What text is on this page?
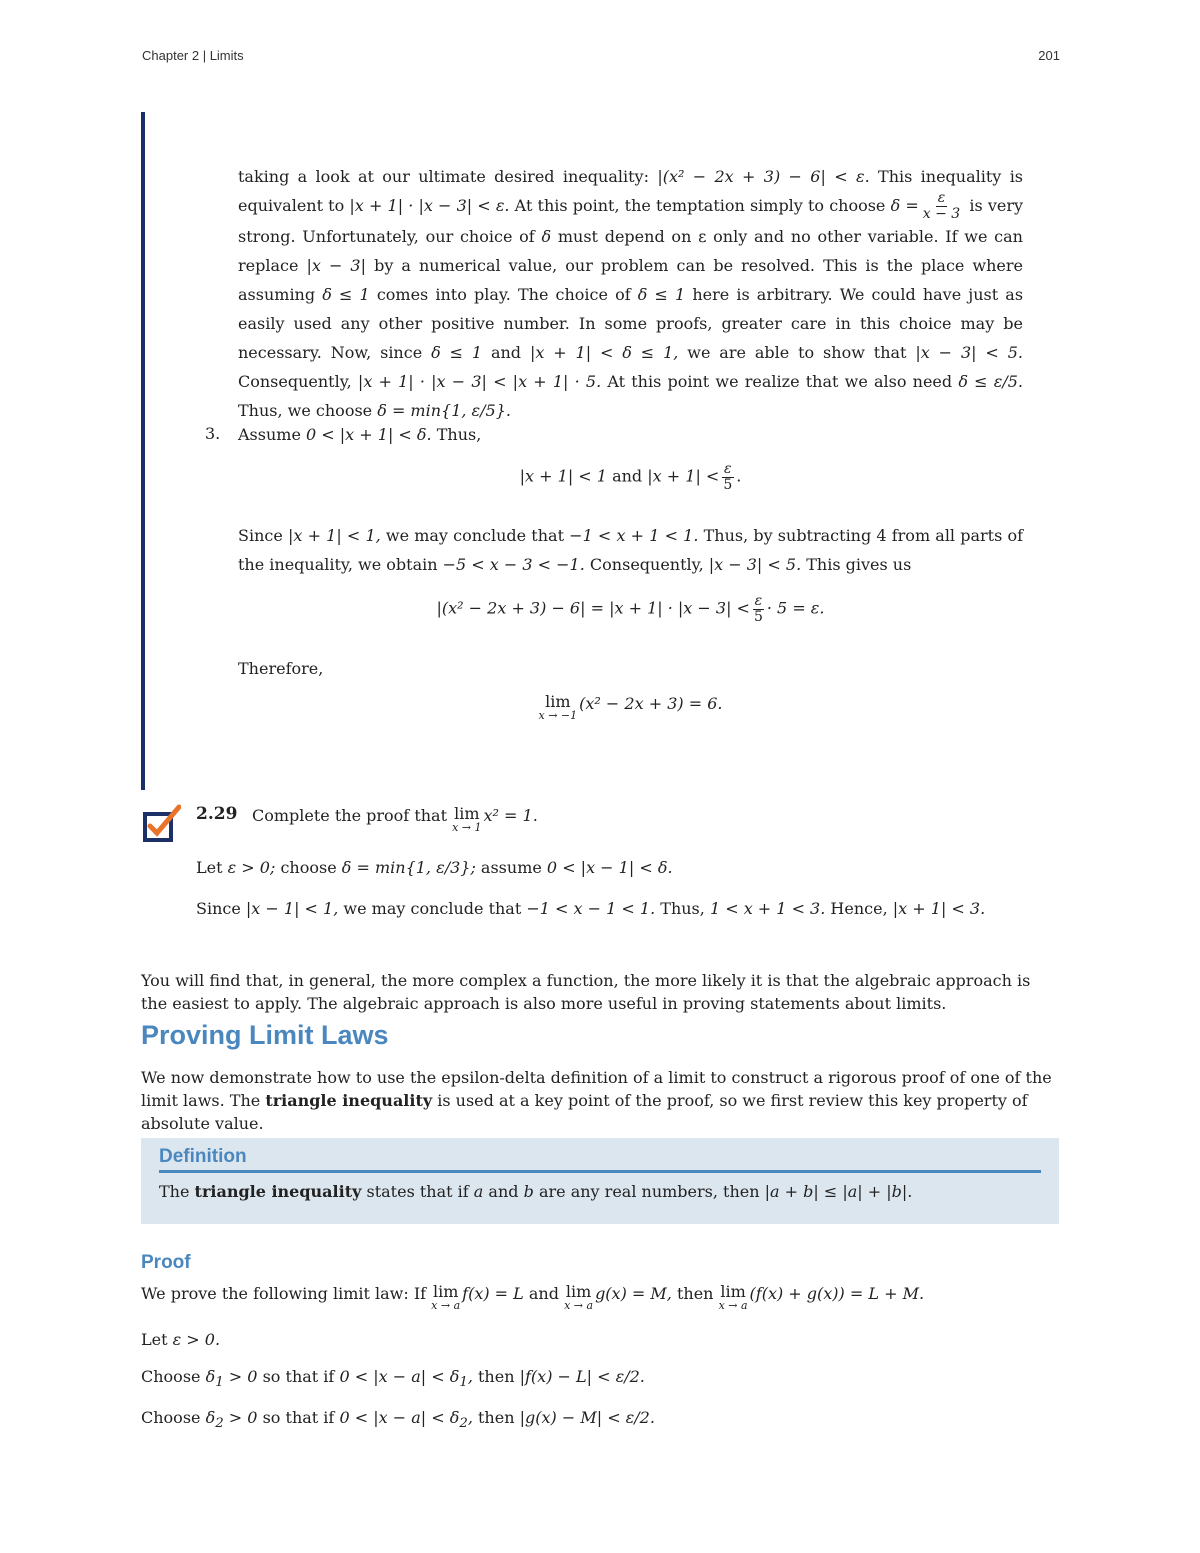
Chapter 2 | Limits	201
taking a look at our ultimate desired inequality: |(x² − 2x + 3) − 6| < ε. This inequality is equivalent to |x + 1| · |x − 3| < ε. At this point, the temptation simply to choose $\delta = \frac{\varepsilon}{x - 3}$ is very strong. Unfortunately, our choice of δ must depend on ε only and no other variable. If we can replace |x − 3| by a numerical value, our problem can be resolved. This is the place where assuming δ ≤ 1 comes into play. The choice of δ ≤ 1 here is arbitrary. We could have just as easily used any other positive number. In some proofs, greater care in this choice may be necessary. Now, since δ ≤ 1 and |x + 1| < δ ≤ 1, we are able to show that |x − 3| < 5. Consequently, |x + 1| · |x − 3| < |x + 1| · 5. At this point we realize that we also need δ ≤ ε/5. Thus, we choose δ = min{1, ε/5}.
3. Assume 0 < |x + 1| < δ. Thus,
|x + 1| < 1 and $|x + 1| < \frac{\varepsilon}{5}$ .
Since |x + 1| < 1, we may conclude that −1 < x + 1 < 1. Thus, by subtracting 4 from all parts of the inequality, we obtain −5 < x − 3 < −1. Consequently, |x − 3| < 5. This gives us
$|(x^2 - 2x + 3) - 6| = |x + 1| \cdot |x - 3| < \frac{\varepsilon}{5} \cdot 5 = \varepsilon$.
Therefore,
lim
x → −1
(x² − 2x + 3) = 6.
2.29 Complete the proof that lim
x → 1
x² = 1.
Let ε > 0; choose δ = min{1, ε/3}; assume 0 < |x − 1| < δ.
Since |x − 1| < 1, we may conclude that −1 < x − 1 < 1. Thus, 1 < x + 1 < 3. Hence, |x + 1| < 3.
You will find that, in general, the more complex a function, the more likely it is that the algebraic approach is the easiest to apply. The algebraic approach is also more useful in proving statements about limits.
Proving Limit Laws
We now demonstrate how to use the epsilon-delta definition of a limit to construct a rigorous proof of one of the limit laws. The triangle inequality is used at a key point of the proof, so we first review this key property of absolute value.
Definition
The triangle inequality states that if a and b are any real numbers, then |a + b| ≤ |a| + |b|.
Proof
We prove the following limit law: If lim
x → a
f(x) = L and lim
x → a
g(x) = M, then lim
x → a
(f(x) + g(x)) = L + M.
Let ε > 0.
Choose $\delta_1 > 0$ so that if $0 < |x - a| < \delta_1$, then |f(x) − L| < ε/2.
Choose $\delta_2 > 0$ so that if $0 < |x - a| < \delta_2$, then |g(x) − M| < ε/2.
